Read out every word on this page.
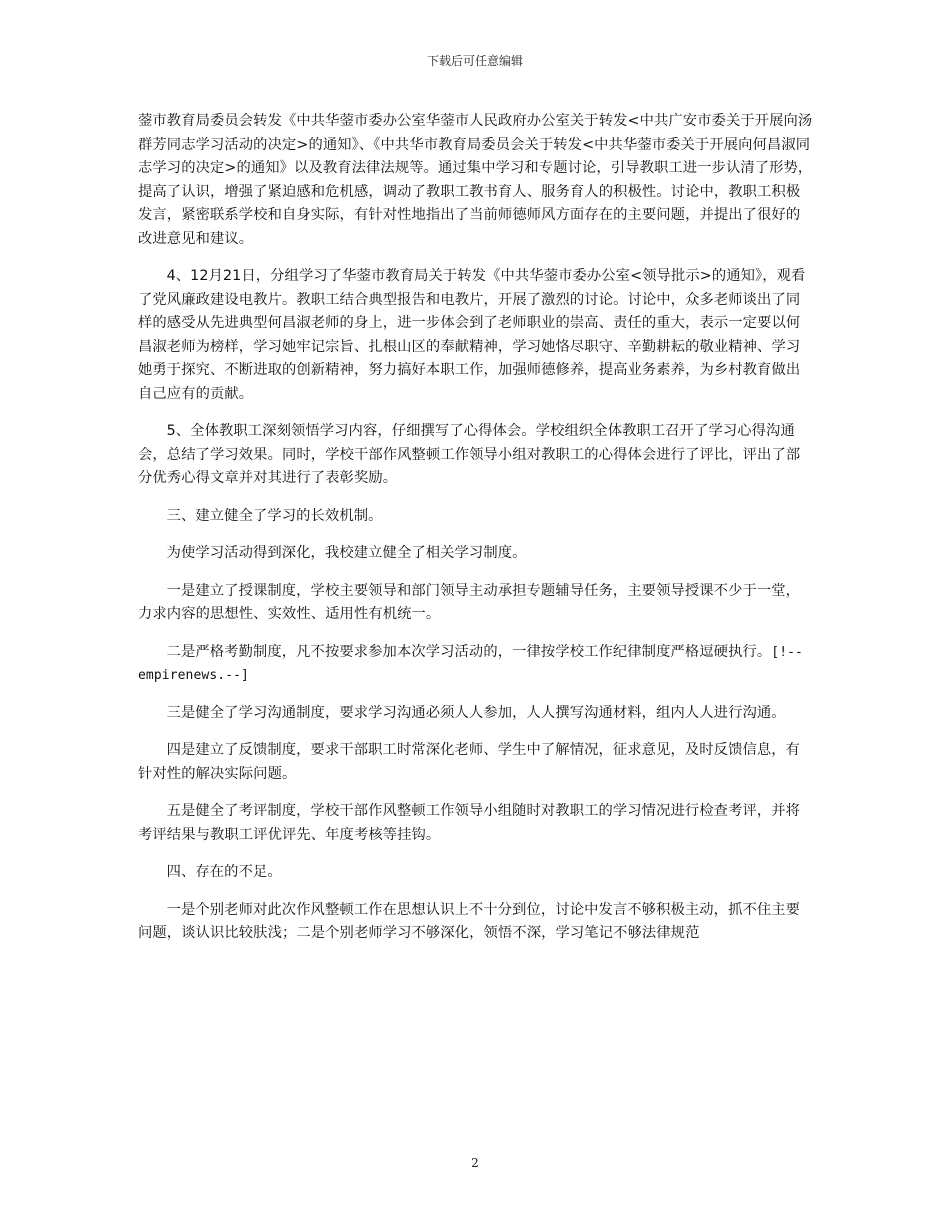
下载后可任意编辑

蓥市教育局委员会转发《中共华蓥市委办公室华蓥市人民政府办公室关于转发<中共广安市委关于开展向汤群芳同志学习活动的决定>的通知》、《中共华市教育局委员会关于转发<中共华蓥市委关于开展向何昌淑同志学习的决定>的通知》以及教育法律法规等。通过集中学习和专题讨论，引导教职工进一步认清了形势，提高了认识，增强了紧迫感和危机感，调动了教职工教书育人、服务育人的积极性。讨论中，教职工积极发言，紧密联系学校和自身实际，有针对性地指出了当前师德师风方面存在的主要问题，并提出了很好的改进意见和建议。

4、12月21日，分组学习了华蓥市教育局关于转发《中共华蓥市委办公室<领导批示>的通知》，观看了党风廉政建设电教片。教职工结合典型报告和电教片，开展了激烈的讨论。讨论中，众多老师谈出了同样的感受从先进典型何昌淑老师的身上，进一步体会到了老师职业的崇高、责任的重大，表示一定要以何昌淑老师为榜样，学习她牢记宗旨、扎根山区的奉献精神，学习她恪尽职守、辛勤耕耘的敬业精神、学习她勇于探究、不断进取的创新精神，努力搞好本职工作，加强师德修养，提高业务素养，为乡村教育做出自己应有的贡献。

5、全体教职工深刻领悟学习内容，仔细撰写了心得体会。学校组织全体教职工召开了学习心得沟通会，总结了学习效果。同时，学校干部作风整顿工作领导小组对教职工的心得体会进行了评比，评出了部分优秀心得文章并对其进行了表彰奖励。

三、建立健全了学习的长效机制。

为使学习活动得到深化，我校建立健全了相关学习制度。

一是建立了授课制度，学校主要领导和部门领导主动承担专题辅导任务，主要领导授课不少于一堂，力求内容的思想性、实效性、适用性有机统一。

二是严格考勤制度，凡不按要求参加本次学习活动的，一律按学校工作纪律制度严格逗硬执行。[!--empirenews.--]

三是健全了学习沟通制度，要求学习沟通必须人人参加，人人撰写沟通材料，组内人人进行沟通。

四是建立了反馈制度，要求干部职工时常深化老师、学生中了解情况，征求意见，及时反馈信息，有针对性的解决实际问题。

五是健全了考评制度，学校干部作风整顿工作领导小组随时对教职工的学习情况进行检查考评，并将考评结果与教职工评优评先、年度考核等挂钩。

四、存在的不足。

一是个别老师对此次作风整顿工作在思想认识上不十分到位，讨论中发言不够积极主动，抓不住主要问题，谈认识比较肤浅；二是个别老师学习不够深化，领悟不深，学习笔记不够法律规范

2
